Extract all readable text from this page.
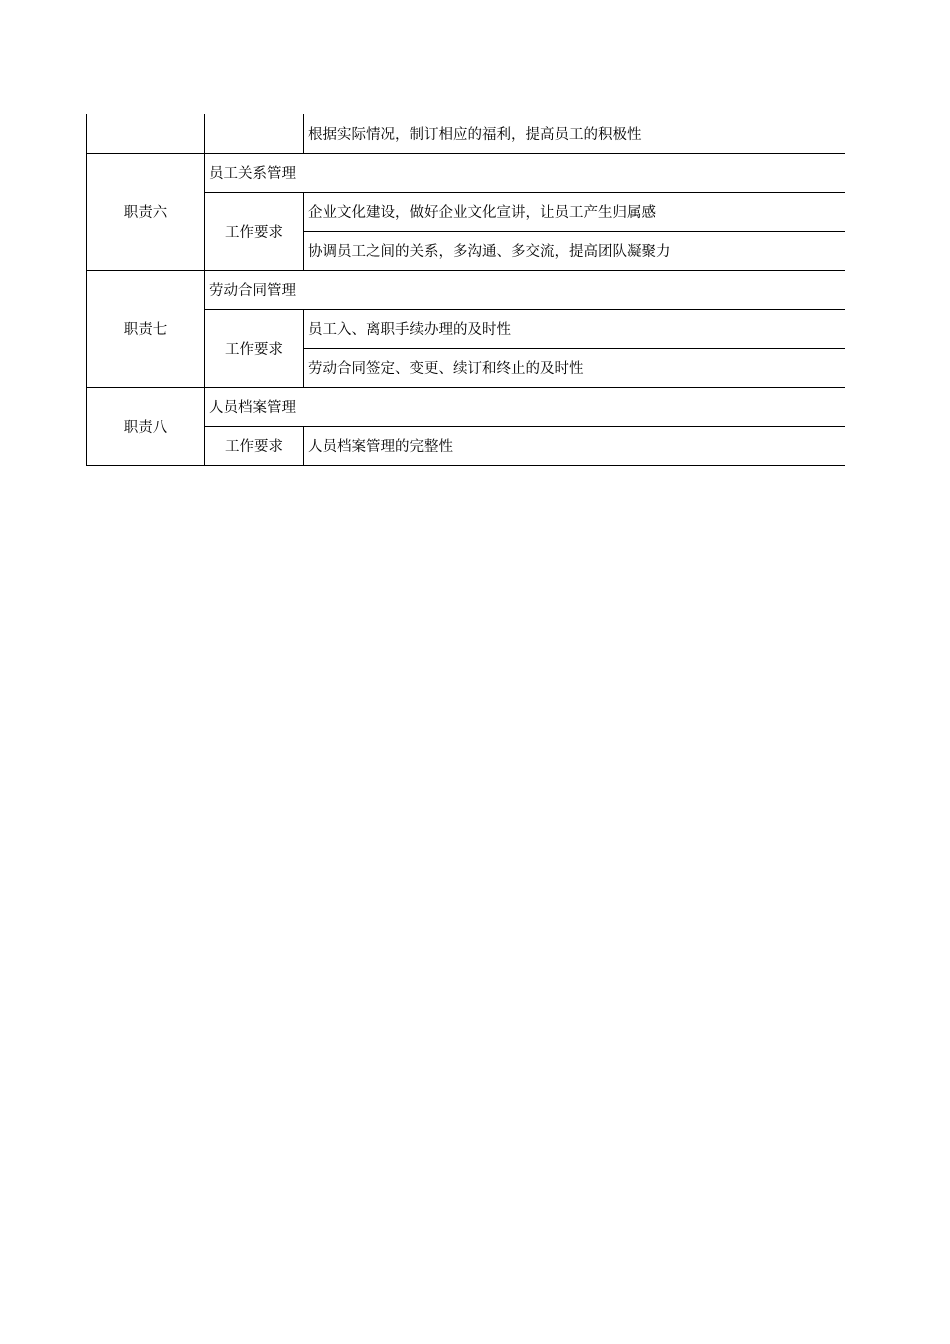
		根据实际情况，制订相应的福利，提高员工的积极性
职责六	员工关系管理	
	工作要求	企业文化建设，做好企业文化宣讲，让员工产生归属感
		协调员工之间的关系，多沟通、多交流，提高团队凝聚力
职责七	劳动合同管理	
	工作要求	员工入、离职手续办理的及时性
		劳动合同签定、变更、续订和终止的及时性
职责八	人员档案管理	
	工作要求	人员档案管理的完整性
